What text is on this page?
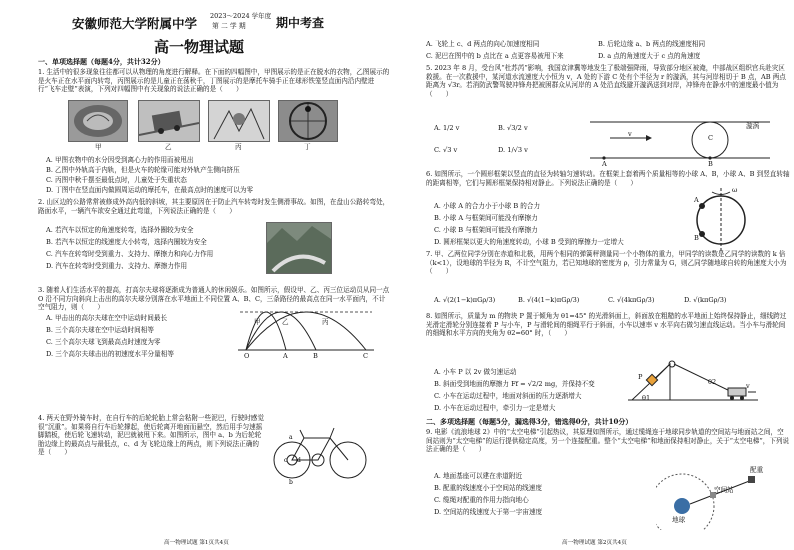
安徽师范大学附属中学 2023～2024 学年度
第 二 学 期	期中考查
高一物理试题
一、单项选择题（每题4分，共计32分）
1. 生活中的很多现象往往都可以从物理的角度进行解释。在下面的四幅图中，甲图展示的是正在脱水的衣物，乙图展示的是火车正在水平面内转弯，丙图展示的是儿童正在荡秋千，丁图展示的是摩托车骑手正在球形铁笼竖直面内沿内壁进行“飞车走壁”表演，下列对四幅图中有关现象的说法正确的是（　　）
甲	乙	丙	丁
A. 甲图衣物中的水分因受到离心力的作用而被甩出
B. 乙图中外轨高于内轨，但是火车的轮缘可能对外轨产生侧向挤压
C. 丙图中秋千摆至最低点时，儿童处于失重状态
D. 丁图中在竖直面内做圆周运动的摩托车，在最高点时的速度可以为零
2. 山区边的公路常常被修成外高内低的斜坡，其主要原因在于防止汽车转弯时发生侧滑事故。如图，在盘山公路转弯处，路面水平，一辆汽车欲安全通过此弯道，下列说法正确的是（　　）
A. 若汽车以恒定的角速度转弯，选择外圈较为安全
B. 若汽车以恒定的线速度大小转弯，选择内圈较为安全
C. 汽车在转弯时受到重力、支持力、摩擦力和向心力作用
D. 汽车在转弯时受到重力、支持力、摩擦力作用
3. 随着人们生活水平的提高，打高尔夫球将逐渐成为普通人的休闲娱乐。如图所示，假设甲、乙、丙三位运动员从同一点 O 沿不同方向斜向上击出的高尔夫球分别落在水平地面上不同位置 A、B、C，三条路径的最高点在同一水平面内，不计空气阻力，则（　　）
A. 甲击出的高尔夫球在空中运动时间最长
B. 三个高尔夫球在空中运动时间相等
C. 三个高尔夫球飞到最高点时速度为零
D. 三个高尔夫球击出的初速度水平分量相等
甲	乙	丙
O	A	B	C
4. 两天在野外骑车时，在自行车的后轮轮胎上常会粘附一些泥巴，行驶时感觉很“沉重”。如果将自行车后轮撑起，使后轮离开地面而悬空，然后用手匀速摇脚踏板，使后轮飞速转动，泥巴就被甩下来。如图所示，图中 a、b 为后轮轮胎边缘上的最高点与最低点，c、d 为飞轮边缘上的两点，则下列说法正确的是（　　）
a
b
c d
高一物理试题 第1页共4页
A. 飞轮上 c、d 两点的向心加速度相同	B. 后轮边缘 a、b 两点的线速度相同
C. 泥巴在图中的 b 点比在 a 点更容易被甩下来	D. a 点的角速度大于 c 点的角速度
5. 2023 年 8 月，受台风“杜苏芮”影响，我国京津冀等地发生了极端强降雨，导致部分地区被淹，中部战区组织官兵赴灾区救援。在一次救援中，某河道水流速度大小恒为 v，A 处的下游 C 处有个半径为 r 的漩涡，其与河岸相切于 B 点，AB 两点距离为 √3r。若消防武警驾驶冲锋舟把被困群众从河岸的 A 处沿直线避开漩涡送到对岸，冲锋舟在静水中的速度最小值为（　　）
A. 1/2 v	B. √3/2 v
C. √3 v	D. 1/√3 v
A	B
C
v
漩涡
6. 如图所示，一个圆形框架以竖直的直径为转轴匀速转动。在框架上套着两个质量相等的小球 A、B，小球 A、B 到竖直转轴的距离相等，它们与圆形框架保持相对静止。下列说法正确的是（　　）
A. 小球 A 的合力小于小球 B 的合力
B. 小球 A 与框架间可能没有摩擦力
C. 小球 B 与框架间可能没有摩擦力
D. 圆形框架以更大的角速度转动，小球 B 受到的摩擦力一定增大
A
B
ω
7. 甲、乙两位同学分别在赤道和北极，用两个相同的弹簧秤测量同一个小物体的重力，甲同学的读数是乙同学的读数的 k 倍（k<1），设地球的半径为 R，不计空气阻力，若已知地球的密度为 ρ，引力常量为 G，则乙同学随地球自转的角速度大小为（　　）
A. √(2(1−k)πGρ/3)	B. √(4(1−k)πGρ/3)	C. √(4kπGρ/3)	D. √(kπGρ/3)
8. 如图所示，质量为 m 的物块 P 置于倾角为 θ1=45° 的光滑斜面上，斜面放在粗糙的水平地面上始终保持静止，细线跨过光滑定滑轮分别连接着 P 与小车，P 与滑轮间的细绳平行于斜面，小车以速率 v 水平向右做匀速直线运动。当小车与滑轮间的细绳和水平方向的夹角为 θ2=60° 时，（　　）
A. 小车 P 以 2v 做匀速运动
B. 斜面受到地面的摩擦力 Ff = √2/2 mg，并保持不变
C. 小车在运动过程中，地面对斜面的压力逐渐增大
D. 小车在运动过程中，牵引力一定是增大
P
θ1
θ2	v
二、多项选择题（每题5分，漏选得3分，错选得0分，共计10分）
9. 电影《流浪地球 2》中的“太空电梯”引起热议，其原理如图所示，通过缆绳连于地球同步轨道的空间站与地面站之间，空间站则为“太空电梯”的运行提供稳定高度，另一个连接配重。整个“太空电梯”和地面保持相对静止，关于“太空电梯”，下列说法正确的是（　　）
A. 地面基座可以建在赤道附近
B. 配重的线速度小于空间站的线速度
C. 缆绳对配重的作用力指向地心
D. 空间站的线速度大于第一宇宙速度
配重
空间站
地球
高一物理试题 第2页共4页
